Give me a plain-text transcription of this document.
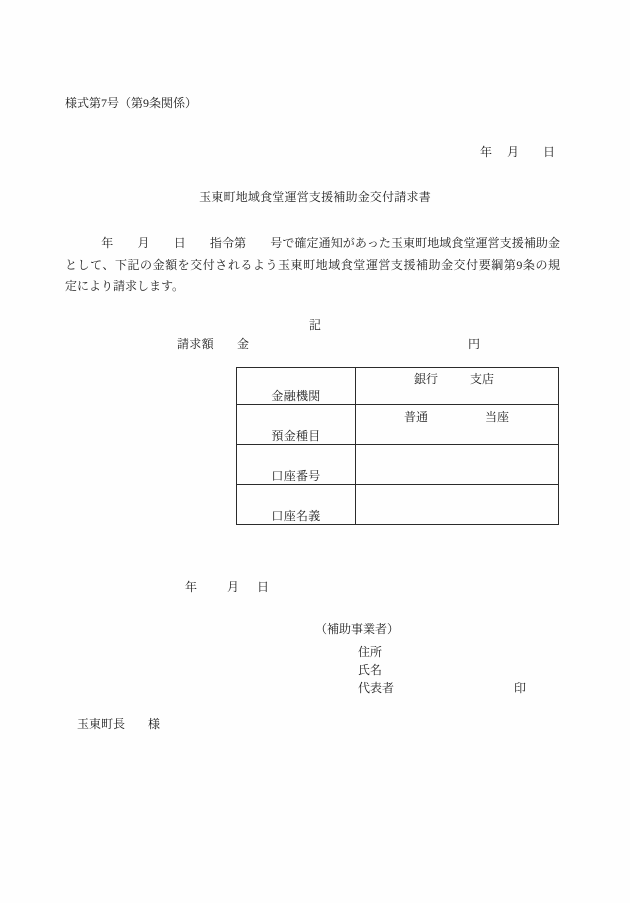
様式第7号（第9条関係）
年 月 日
玉東町地域食堂運営支援補助金交付請求書
　　　年　　月　　日　　指令第　　号で確定通知があった玉東町地域食堂運営支援補助金
として、下記の金額を交付されるよう玉東町地域食堂運営支援補助金交付要綱第9条の規
定により請求します。
記
請求額 金	円
金融機関	銀行 支店

預金種目	普通 当座

口座番号	
口座名義	
年	月 日
（補助事業者）
住所
氏名
代表者	印
玉東町長 様
